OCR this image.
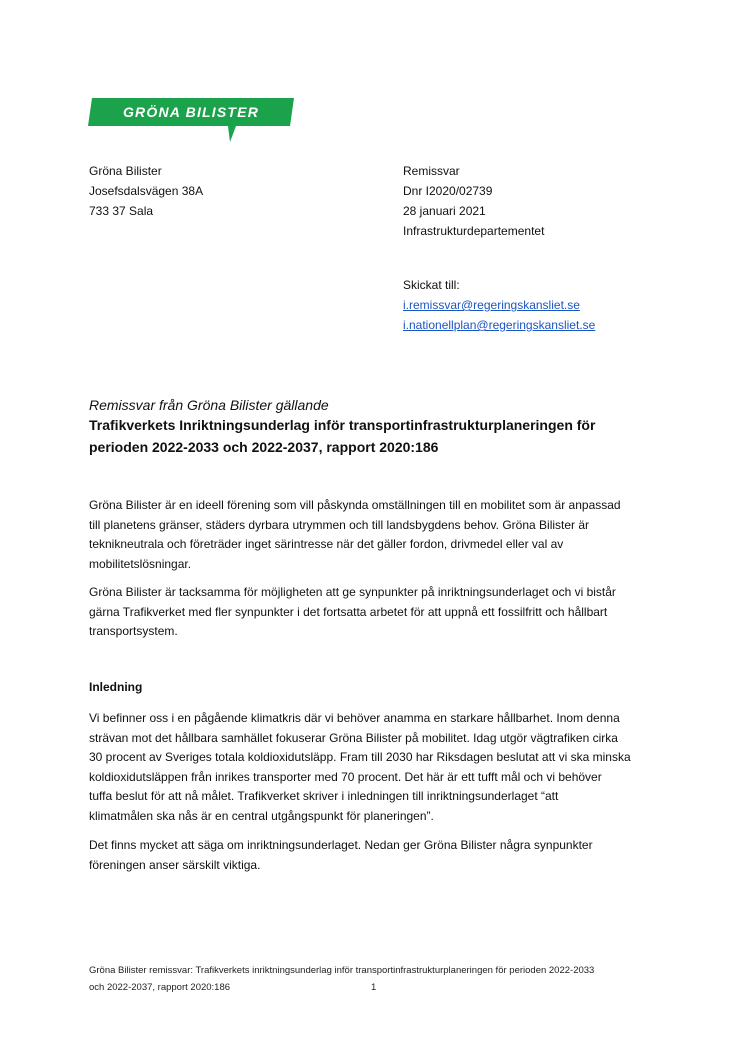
GRÖNA BILISTER
Gröna Bilister
Josefsdalsvägen 38A
733 37 Sala
Remissvar
Dnr I2020/02739
28 januari 2021
Infrastrukturdepartementet
Skickat till:
i.remissvar@regeringskansliet.se
i.nationellplan@regeringskansliet.se
Remissvar från Gröna Bilister gällande
Trafikverkets Inriktningsunderlag inför transportinfrastrukturplaneringen för
perioden 2022-2033 och 2022-2037, rapport 2020:186
Gröna Bilister är en ideell förening som vill påskynda omställningen till en mobilitet som är anpassad
till planetens gränser, städers dyrbara utrymmen och till landsbygdens behov. Gröna Bilister är
teknikneutrala och företräder inget särintresse när det gäller fordon, drivmedel eller val av
mobilitetslösningar.
Gröna Bilister är tacksamma för möjligheten att ge synpunkter på inriktningsunderlaget och vi bistår
gärna Trafikverket med fler synpunkter i det fortsatta arbetet för att uppnå ett fossilfritt och hållbart
transportsystem.
Inledning
Vi befinner oss i en pågående klimatkris där vi behöver anamma en starkare hållbarhet. Inom denna
strävan mot det hållbara samhället fokuserar Gröna Bilister på mobilitet. Idag utgör vägtrafiken cirka
30 procent av Sveriges totala koldioxidutsläpp. Fram till 2030 har Riksdagen beslutat att vi ska minska
koldioxidutsläppen från inrikes transporter med 70 procent. Det här är ett tufft mål och vi behöver
tuffa beslut för att nå målet. Trafikverket skriver i inledningen till inriktningsunderlaget “att
klimatmålen ska nås är en central utgångspunkt för planeringen”.
Det finns mycket att säga om inriktningsunderlaget. Nedan ger Gröna Bilister några synpunkter
föreningen anser särskilt viktiga.
Gröna Bilister remissvar: Trafikverkets inriktningsunderlag inför transportinfrastrukturplaneringen för perioden 2022-2033
och 2022-2037, rapport 2020:186	1
